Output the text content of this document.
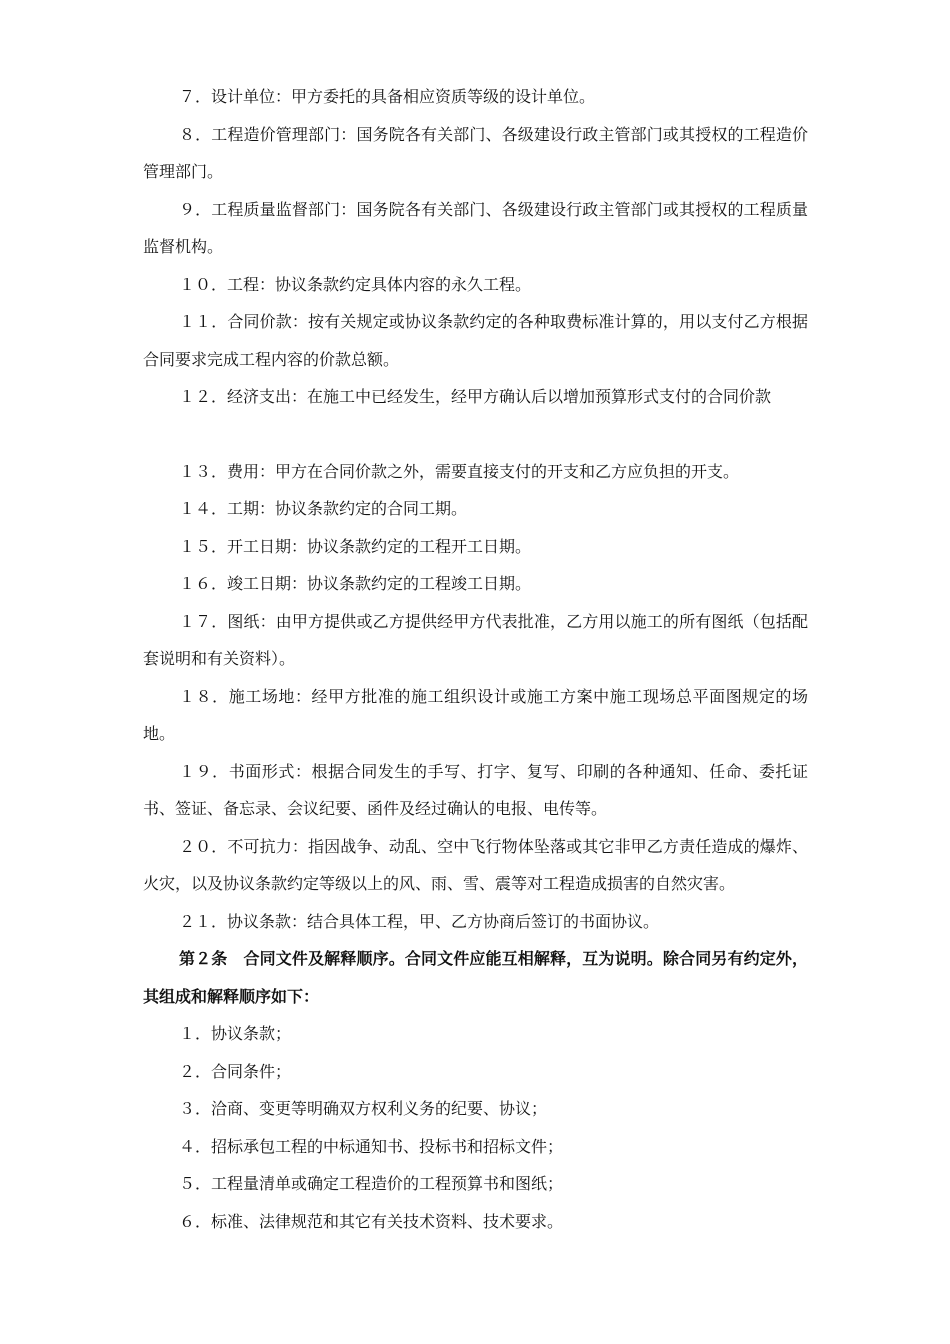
７．设计单位：甲方委托的具备相应资质等级的设计单位。

８．工程造价管理部门：国务院各有关部门、各级建设行政主管部门或其授权的工程造价管理部门。

９．工程质量监督部门：国务院各有关部门、各级建设行政主管部门或其授权的工程质量监督机构。

１０．工程：协议条款约定具体内容的永久工程。

１１．合同价款：按有关规定或协议条款约定的各种取费标准计算的，用以支付乙方根据合同要求完成工程内容的价款总额。

１２．经济支出：在施工中已经发生，经甲方确认后以增加预算形式支付的合同价款

１３．费用：甲方在合同价款之外，需要直接支付的开支和乙方应负担的开支。

１４．工期：协议条款约定的合同工期。

１５．开工日期：协议条款约定的工程开工日期。

１６．竣工日期：协议条款约定的工程竣工日期。

１７．图纸：由甲方提供或乙方提供经甲方代表批准，乙方用以施工的所有图纸（包括配套说明和有关资料）。

１８．施工场地：经甲方批准的施工组织设计或施工方案中施工现场总平面图规定的场地。

１９．书面形式：根据合同发生的手写、打字、复写、印刷的各种通知、任命、委托证书、签证、备忘录、会议纪要、函件及经过确认的电报、电传等。

２０．不可抗力：指因战争、动乱、空中飞行物体坠落或其它非甲乙方责任造成的爆炸、火灾，以及协议条款约定等级以上的风、雨、雪、震等对工程造成损害的自然灾害。

２１．协议条款：结合具体工程，甲、乙方协商后签订的书面协议。

第２条　合同文件及解释顺序。合同文件应能互相解释，互为说明。除合同另有约定外，其组成和解释顺序如下：

１．协议条款；

２．合同条件；

３．洽商、变更等明确双方权利义务的纪要、协议；

４．招标承包工程的中标通知书、投标书和招标文件；

５．工程量清单或确定工程造价的工程预算书和图纸；

６．标准、法律规范和其它有关技术资料、技术要求。
